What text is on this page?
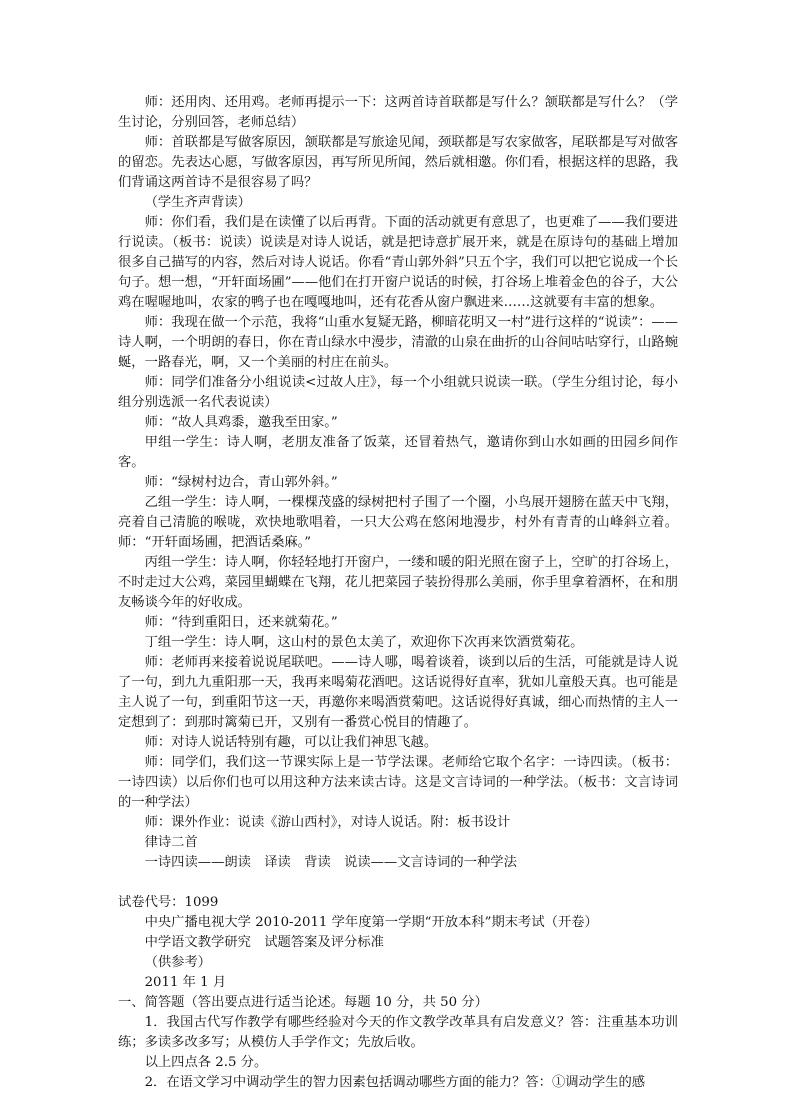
师：还用肉、还用鸡。老师再提示一下：这两首诗首联都是写什么？颔联都是写什么？（学生讨论，分别回答，老师总结）

师：首联都是写做客原因，颔联都是写旅途见闻，颈联都是写农家做客，尾联都是写对做客的留恋。先表达心愿，写做客原因，再写所见所闻，然后就相邀。你们看，根据这样的思路，我们背诵这两首诗不是很容易了吗？

（学生齐声背读）

师：你们看，我们是在读懂了以后再背。下面的活动就更有意思了，也更难了——我们要进行说读。（板书：说读）说读是对诗人说话，就是把诗意扩展开来，就是在原诗句的基础上增加很多自己描写的内容，然后对诗人说话。你看“青山郭外斜”只五个字，我们可以把它说成一个长句子。想一想，“开轩面场圃”——他们在打开窗户说话的时候，打谷场上堆着金色的谷子，大公鸡在喔喔地叫，农家的鸭子也在嘎嘎地叫，还有花香从窗户飘进来……这就要有丰富的想象。

师：我现在做一个示范，我将“山重水复疑无路，柳暗花明又一村”进行这样的“说读”：——诗人啊，一个明朗的春日，你在青山绿水中漫步，清澈的山泉在曲折的山谷间咕咕穿行，山路蜿蜒，一路春光，啊，又一个美丽的村庄在前头。

师：同学们准备分小组说读<过故人庄》，每一个小组就只说读一联。（学生分组讨论，每小组分别选派一名代表说读）

师：“故人具鸡黍，邀我至田家。”

甲组一学生：诗人啊，老朋友准备了饭菜，还冒着热气，邀请你到山水如画的田园乡间作客。

师：“绿树村边合，青山郭外斜。”

乙组一学生：诗人啊，一棵棵茂盛的绿树把村子围了一个圈，小鸟展开翅膀在蓝天中飞翔，亮着自己清脆的喉咙，欢快地歌唱着，一只大公鸡在悠闲地漫步，村外有青青的山峰斜立着。师：“开轩面场圃，把酒话桑麻。”

丙组一学生：诗人啊，你轻轻地打开窗户，一缕和暖的阳光照在窗子上，空旷的打谷场上，不时走过大公鸡，菜园里蝴蝶在飞翔，花儿把菜园子装扮得那么美丽，你手里拿着酒杯，在和朋友畅谈今年的好收成。

师：“待到重阳日，还来就菊花。”

丁组一学生：诗人啊，这山村的景色太美了，欢迎你下次再来饮酒赏菊花。

师：老师再来接着说说尾联吧。——诗人哪，喝着谈着，谈到以后的生活，可能就是诗人说了一句，到九九重阳那一天，我再来喝菊花酒吧。这话说得好直率，犹如儿童般天真。也可能是主人说了一句，到重阳节这一天，再邀你来喝酒赏菊吧。这话说得好真诚，细心而热情的主人一定想到了：到那时篱菊已开，又别有一番赏心悦目的情趣了。

师：对诗人说话特别有趣，可以让我们神思飞越。

师：同学们，我们这一节课实际上是一节学法课。老师给它取个名字：一诗四读。（板书：一诗四读）以后你们也可以用这种方法来读古诗。这是文言诗词的一种学法。（板书：文言诗词的一种学法）

师：课外作业：说读《游山西村》，对诗人说话。附：板书设计

律诗二首

一诗四读——朗读　译读　背读　说读——文言诗词的一种学法

试卷代号：1099

中央广播电视大学 2010-2011 学年度第一学期“开放本科”期末考试（开卷）

中学语文教学研究　试题答案及评分标准

（供参考）

2011 年 1 月

一、简答题（答出要点进行适当论述。每题 10 分，共 50 分）

1．我国古代写作教学有哪些经验对今天的作文教学改革具有启发意义？答：注重基本功训练；多读多改多写；从模仿人手学作文；先放后收。

以上四点各 2.5 分。

2．在语文学习中调动学生的智力因素包括调动哪些方面的能力？答：①调动学生的感
